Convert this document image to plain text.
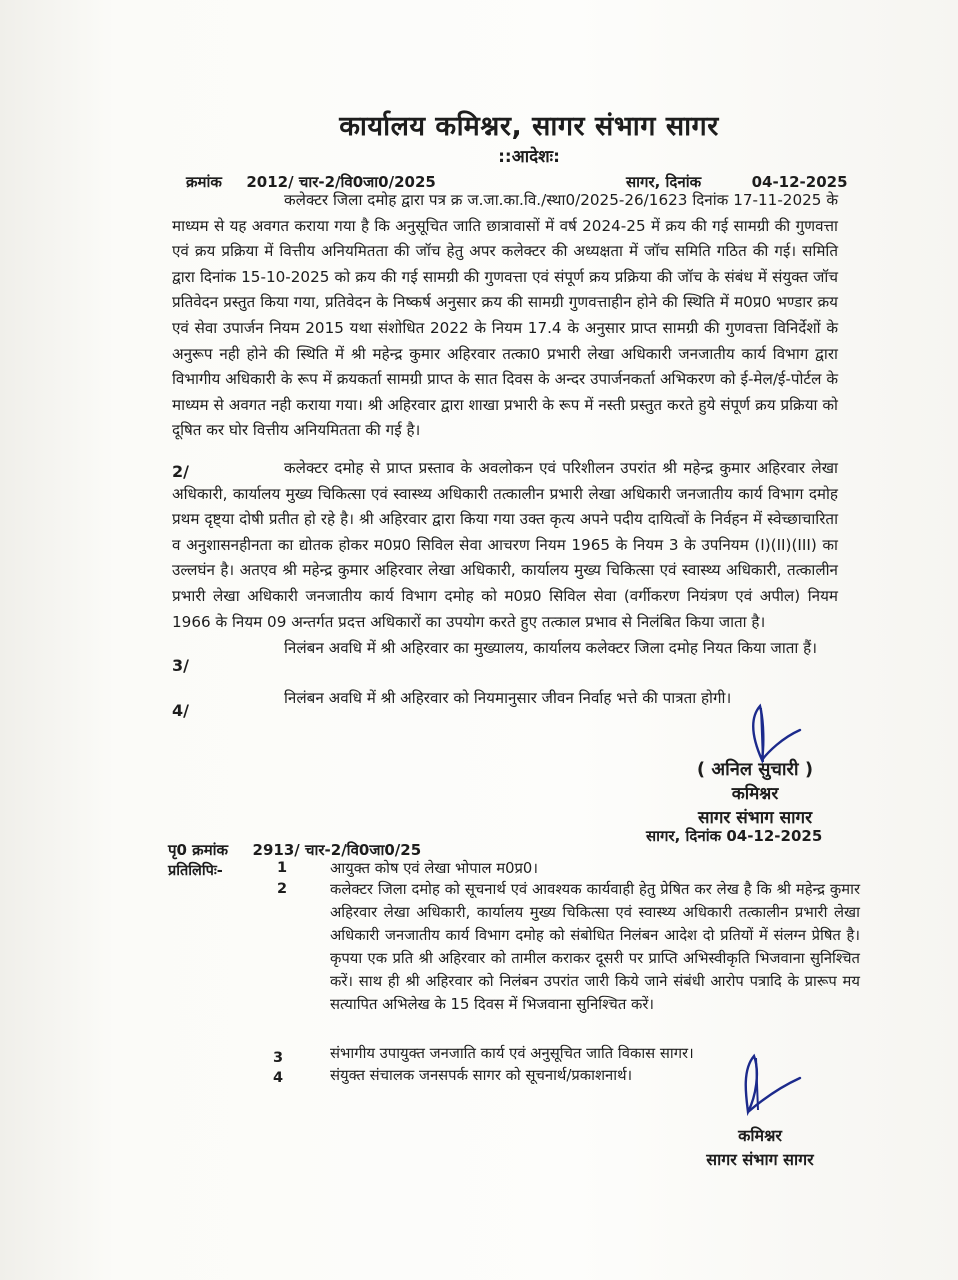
कार्यालय कमिश्नर, सागर संभाग सागर
::आदेशः:
क्रमांक 2012/ चार-2/वि0जा0/2025	सागर, दिनांक	04-12-2025
कलेक्टर जिला दमोह द्वारा पत्र क्र ज.जा.का.वि./स्था0/2025-26/1623 दिनांक 17-11-2025 के माध्यम से यह अवगत कराया गया है कि अनुसूचित जाति छात्रावासों में वर्ष 2024-25 में क्रय की गई सामग्री की गुणवत्ता एवं क्रय प्रक्रिया में वित्तीय अनियमितता की जॉच हेतु अपर कलेक्टर की अध्यक्षता में जॉच समिति गठित की गई। समिति द्वारा दिनांक 15-10-2025 को क्रय की गई सामग्री की गुणवत्ता एवं संपूर्ण क्रय प्रक्रिया की जॉच के संबंध में संयुक्त जॉच प्रतिवेदन प्रस्तुत किया गया, प्रतिवेदन के निष्कर्ष अनुसार क्रय की सामग्री गुणवत्ताहीन होने की स्थिति में म0प्र0 भण्डार क्रय एवं सेवा उपार्जन नियम 2015 यथा संशोधित 2022 के नियम 17.4 के अनुसार प्राप्त सामग्री की गुणवत्ता विनिर्देशों के अनुरूप नही होने की स्थिति में श्री महेन्द्र कुमार अहिरवार तत्का0 प्रभारी लेखा अधिकारी जनजातीय कार्य विभाग द्वारा विभागीय अधिकारी के रूप में क्रयकर्ता सामग्री प्राप्त के सात दिवस के अन्दर उपार्जनकर्ता अभिकरण को ई-मेल/ई-पोर्टल के माध्यम से अवगत नही कराया गया। श्री अहिरवार द्वारा शाखा प्रभारी के रूप में नस्ती प्रस्तुत करते हुये संपूर्ण क्रय प्रक्रिया को दूषित कर घोर वित्तीय अनियमितता की गई है।
2/	कलेक्टर दमोह से प्राप्त प्रस्ताव के अवलोकन एवं परिशीलन उपरांत श्री महेन्द्र कुमार अहिरवार लेखा अधिकारी, कार्यालय मुख्य चिकित्सा एवं स्वास्थ्य अधिकारी तत्कालीन प्रभारी लेखा अधिकारी जनजातीय कार्य विभाग दमोह प्रथम दृष्ट्या दोषी प्रतीत हो रहे है। श्री अहिरवार द्वारा किया गया उक्त कृत्य अपने पदीय दायित्वों के निर्वहन में स्वेच्छाचारिता व अनुशासनहीनता का द्योतक होकर म0प्र0 सिविल सेवा आचरण नियम 1965 के नियम 3 के उपनियम (I)(II)(III) का उल्लघंन है। अतएव श्री महेन्द्र कुमार अहिरवार लेखा अधिकारी, कार्यालय मुख्य चिकित्सा एवं स्वास्थ्य अधिकारी, तत्कालीन प्रभारी लेखा अधिकारी जनजातीय कार्य विभाग दमोह को म0प्र0 सिविल सेवा (वर्गीकरण नियंत्रण एवं अपील) नियम 1966 के नियम 09 अन्तर्गत प्रदत्त अधिकारों का उपयोग करते हुए तत्काल प्रभाव से निलंबित किया जाता है।
3/
निलंबन अवधि में श्री अहिरवार का मुख्यालय, कार्यालय कलेक्टर जिला दमोह नियत किया जाता हैं।
4/
निलंबन अवधि में श्री अहिरवार को नियमानुसार जीवन निर्वाह भत्ते की पात्रता होगी।
( अनिल सुचारी )
कमिश्नर
सागर संभाग सागर
सागर, दिनांक 04-12-2025
पृ0 क्रमांक 2913/ चार-2/वि0जा0/25
प्रतिलिपिः-	1	आयुक्त कोष एवं लेखा भोपाल म0प्र0।
2	कलेक्टर जिला दमोह को सूचनार्थ एवं आवश्यक कार्यवाही हेतु प्रेषित कर लेख है कि श्री महेन्द्र कुमार अहिरवार लेखा अधिकारी, कार्यालय मुख्य चिकित्सा एवं स्वास्थ्य अधिकारी तत्कालीन प्रभारी लेखा अधिकारी जनजातीय कार्य विभाग दमोह को संबोधित निलंबन आदेश दो प्रतियों में संलग्न प्रेषित है। कृपया एक प्रति श्री अहिरवार को तामील कराकर दूसरी पर प्राप्ति अभिस्वीकृति भिजवाना सुनिश्चित करें। साथ ही श्री अहिरवार को निलंबन उपरांत जारी किये जाने संबंधी आरोप पत्रादि के प्रारूप मय सत्यापित अभिलेख के 15 दिवस में भिजवाना सुनिश्चित करें।
3	संभागीय उपायुक्त जनजाति कार्य एवं अनुसूचित जाति विकास सागर।
4	संयुक्त संचालक जनसपर्क सागर को सूचनार्थ/प्रकाशनार्थ।
कमिश्नर
सागर संभाग सागर
